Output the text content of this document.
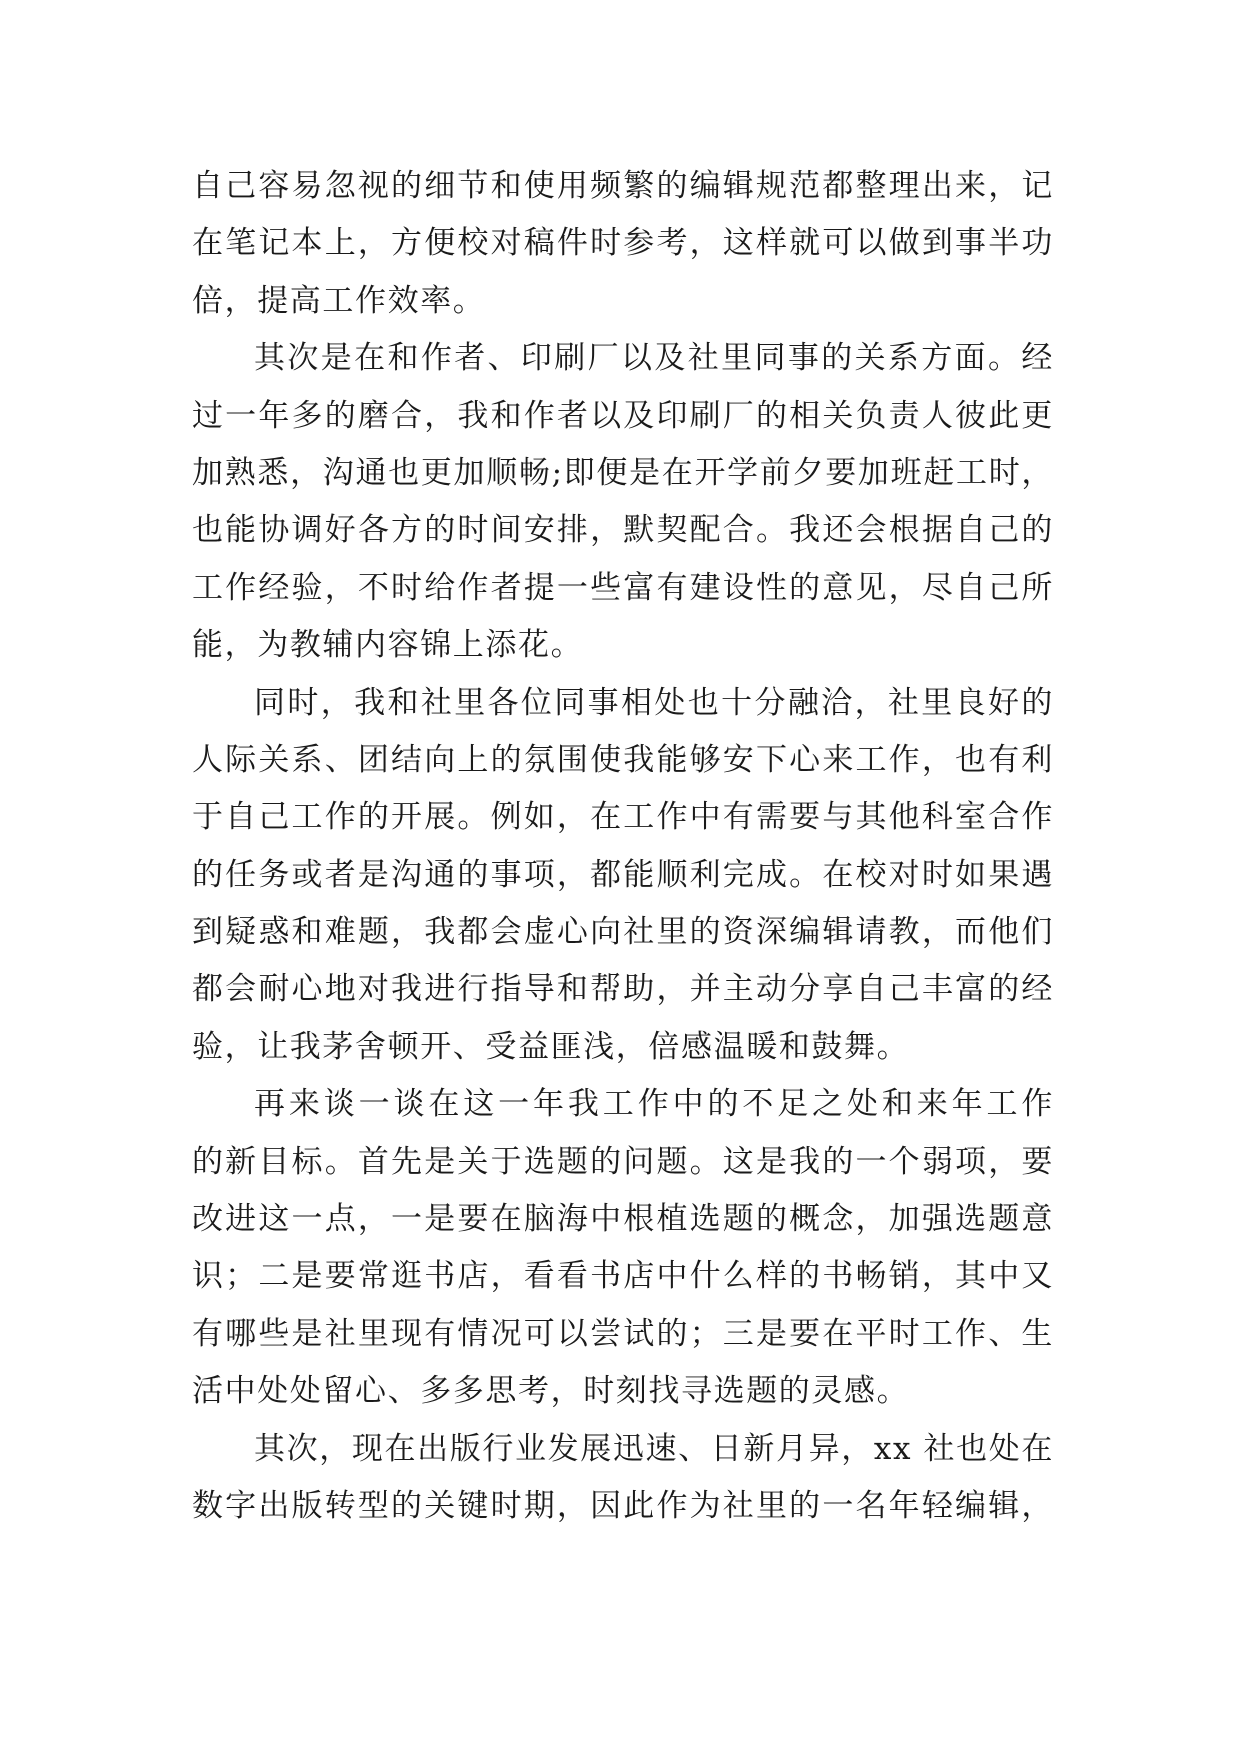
自己容易忽视的细节和使用频繁的编辑规范都整理出来，记
在笔记本上，方便校对稿件时参考，这样就可以做到事半功
倍，提高工作效率。
其次是在和作者、印刷厂以及社里同事的关系方面。经
过一年多的磨合，我和作者以及印刷厂的相关负责人彼此更
加熟悉，沟通也更加顺畅;即便是在开学前夕要加班赶工时，
也能协调好各方的时间安排，默契配合。我还会根据自己的
工作经验，不时给作者提一些富有建设性的意见，尽自己所
能，为教辅内容锦上添花。
同时，我和社里各位同事相处也十分融洽，社里良好的
人际关系、团结向上的氛围使我能够安下心来工作，也有利
于自己工作的开展。例如，在工作中有需要与其他科室合作
的任务或者是沟通的事项，都能顺利完成。在校对时如果遇
到疑惑和难题，我都会虚心向社里的资深编辑请教，而他们
都会耐心地对我进行指导和帮助，并主动分享自己丰富的经
验，让我茅舍顿开、受益匪浅，倍感温暖和鼓舞。
再来谈一谈在这一年我工作中的不足之处和来年工作
的新目标。首先是关于选题的问题。这是我的一个弱项，要
改进这一点，一是要在脑海中根植选题的概念，加强选题意
识；二是要常逛书店，看看书店中什么样的书畅销，其中又
有哪些是社里现有情况可以尝试的；三是要在平时工作、生
活中处处留心、多多思考，时刻找寻选题的灵感。
其次，现在出版行业发展迅速、日新月异，xx 社也处在
数字出版转型的关键时期，因此作为社里的一名年轻编辑，
